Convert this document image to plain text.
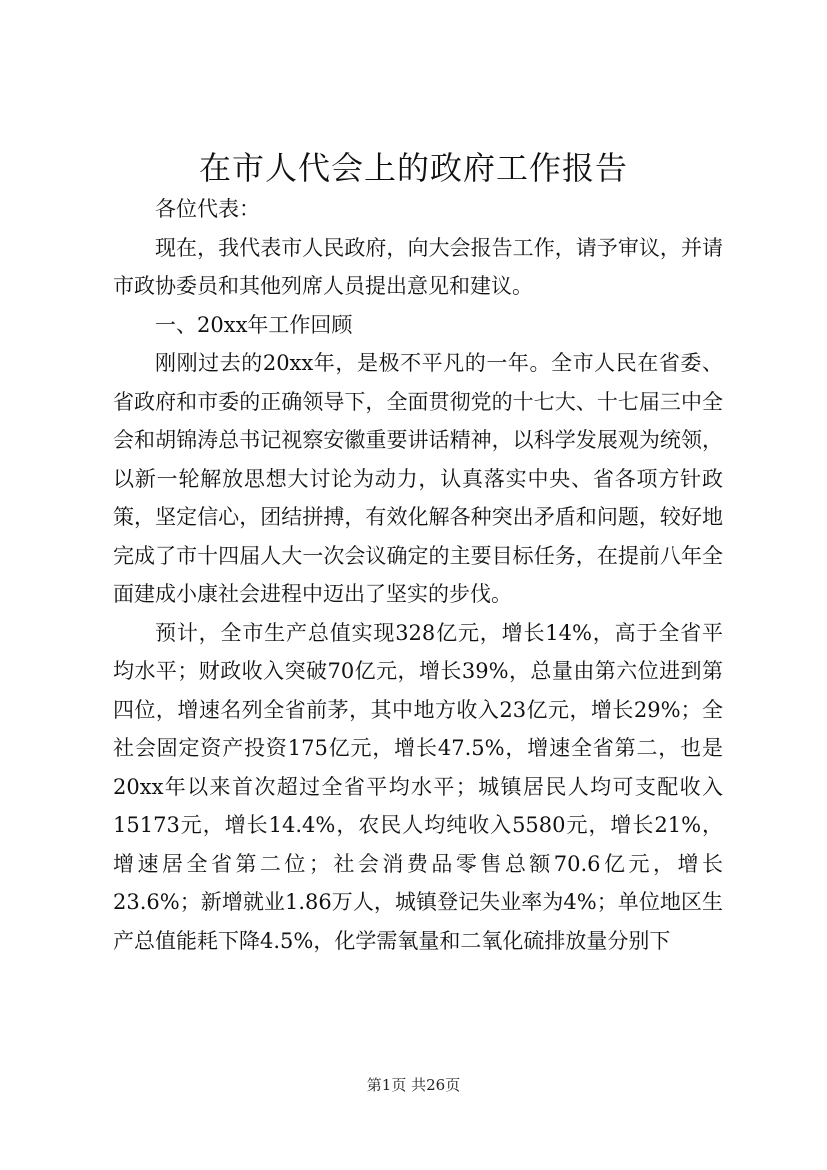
在市人代会上的政府工作报告

各位代表：

现在，我代表市人民政府，向大会报告工作，请予审议，并请市政协委员和其他列席人员提出意见和建议。

一、20xx年工作回顾

刚刚过去的20xx年，是极不平凡的一年。全市人民在省委、省政府和市委的正确领导下，全面贯彻党的十七大、十七届三中全会和胡锦涛总书记视察安徽重要讲话精神，以科学发展观为统领，以新一轮解放思想大讨论为动力，认真落实中央、省各项方针政策，坚定信心，团结拼搏，有效化解各种突出矛盾和问题，较好地完成了市十四届人大一次会议确定的主要目标任务，在提前八年全面建成小康社会进程中迈出了坚实的步伐。

预计，全市生产总值实现328亿元，增长14%，高于全省平均水平；财政收入突破70亿元，增长39%，总量由第六位进到第四位，增速名列全省前茅，其中地方收入23亿元，增长29%；全社会固定资产投资175亿元，增长47.5%，增速全省第二，也是20xx年以来首次超过全省平均水平；城镇居民人均可支配收入15173元，增长14.4%，农民人均纯收入5580元，增长21%，增速居全省第二位；社会消费品零售总额70.6亿元，增长23.6%；新增就业1.86万人，城镇登记失业率为4%；单位地区生产总值能耗下降4.5%，化学需氧量和二氧化硫排放量分别下

第1页 共26页
